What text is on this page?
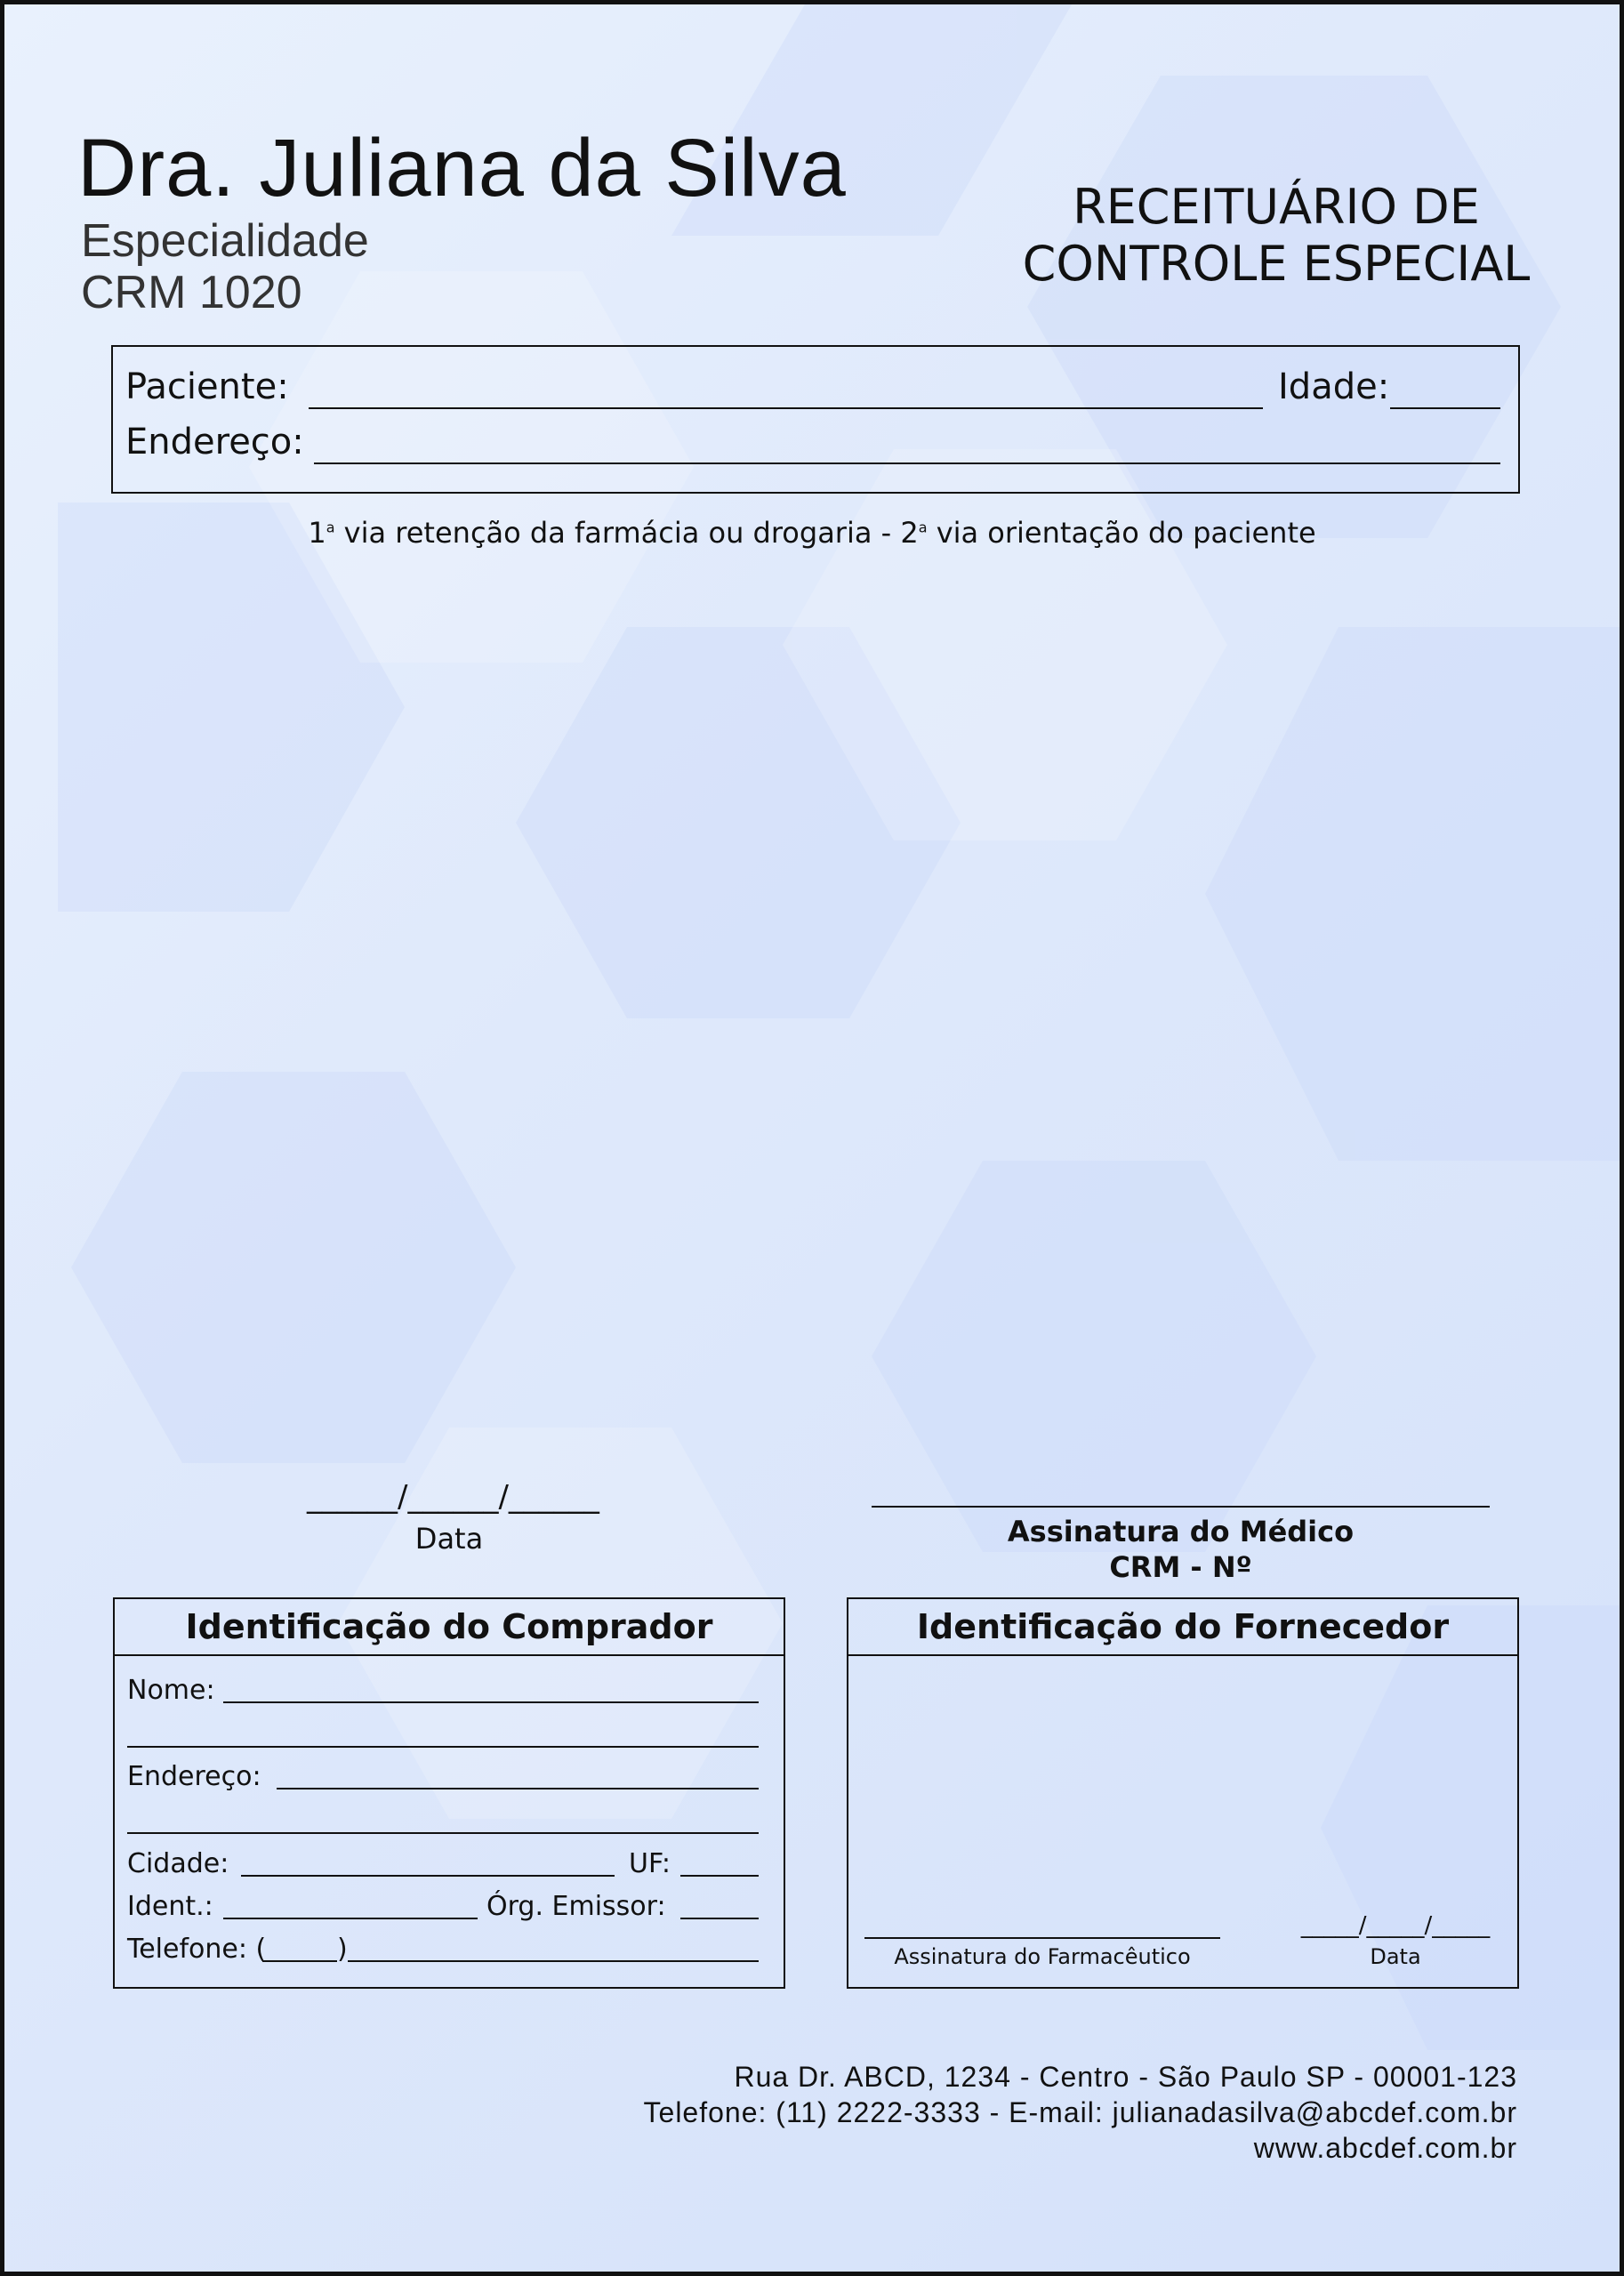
Dra. Juliana da Silva
Especialidade
CRM 1020
RECEITUÁRIO DE
CONTROLE ESPECIAL
Paciente:	Idade:
Endereço:
1$^a$ via retenção da farmácia ou drogaria - 2$^a$ via orientação do paciente
______/______/______
Data	Assinatura do Médico
CRM - Nº
Identificação do Comprador
Nome:
Endereço:
Cidade:	UF:
Ident.:	Órg. Emissor:
Telefone: (	)
Identificação do Fornecedor
Assinatura do Farmacêutico
_____/_____/_____
Data
Rua Dr. ABCD, 1234 - Centro - São Paulo SP - 00001-123
Telefone: (11) 2222-3333 - E-mail: julianadasilva@abcdef.com.br
www.abcdef.com.br
